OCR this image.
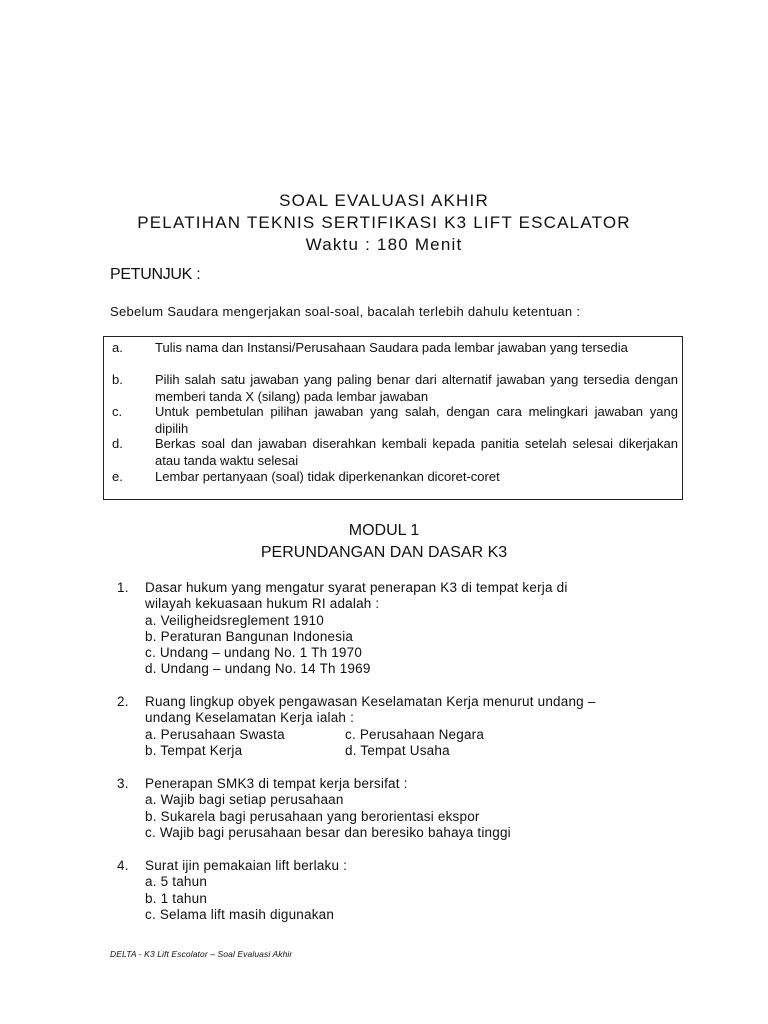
SOAL EVALUASI AKHIR
PELATIHAN TEKNIS SERTIFIKASI K3 LIFT ESCALATOR
Waktu : 180 Menit
PETUNJUK :
Sebelum Saudara mengerjakan soal-soal, bacalah terlebih dahulu ketentuan :
a.	Tulis nama dan Instansi/Perusahaan Saudara pada lembar jawaban yang tersedia
b.	Pilih salah satu jawaban yang paling benar dari alternatif jawaban yang tersedia dengan memberi tanda X (silang) pada lembar jawaban
c.	Untuk pembetulan pilihan jawaban yang salah, dengan cara melingkari jawaban yang dipilih
d.	Berkas soal dan jawaban diserahkan kembali kepada panitia setelah selesai dikerjakan atau tanda waktu selesai
e.	Lembar pertanyaan (soal) tidak diperkenankan dicoret-coret
MODUL 1
PERUNDANGAN DAN DASAR K3
1. Dasar hukum yang mengatur syarat penerapan K3 di tempat kerja di
wilayah kekuasaan hukum RI adalah :
a. Veiligheidsreglement 1910
b. Peraturan Bangunan Indonesia
c. Undang – undang No. 1 Th 1970
d. Undang – undang No. 14 Th 1969
2. Ruang lingkup obyek pengawasan Keselamatan Kerja menurut undang –
undang Keselamatan Kerja ialah :
a. Perusahaan Swasta	c. Perusahaan Negara
b. Tempat Kerja	d. Tempat Usaha
3. Penerapan SMK3 di tempat kerja bersifat :
a. Wajib bagi setiap perusahaan
b. Sukarela bagi perusahaan yang berorientasi ekspor
c. Wajib bagi perusahaan besar dan beresiko bahaya tinggi
4. Surat ijin pemakaian lift berlaku :
a. 5 tahun
b. 1 tahun
c. Selama lift masih digunakan
DELTA - K3 Lift Escolator – Soal Evaluasi Akhir
